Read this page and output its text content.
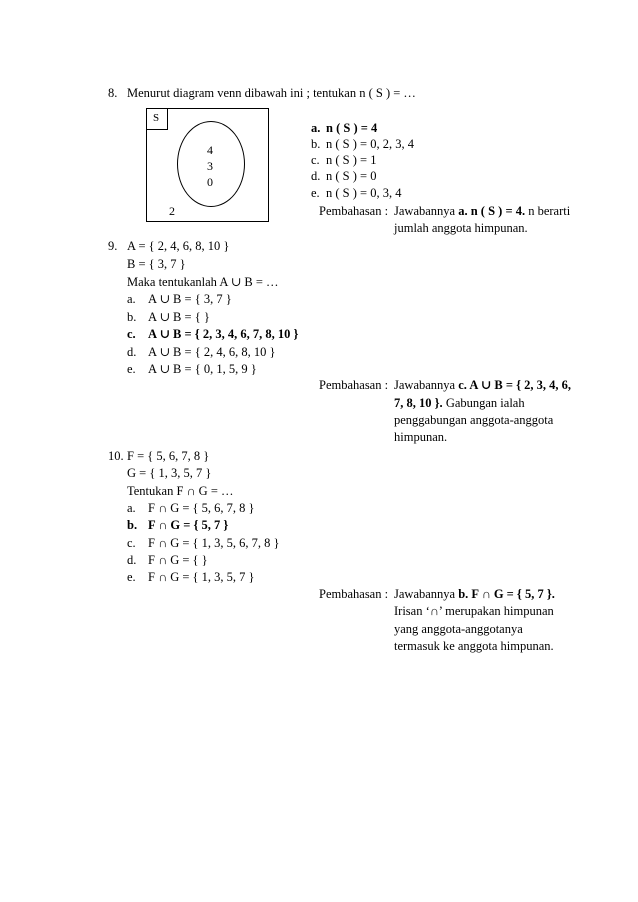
8. Menurut diagram venn dibawah ini ; tentukan n ( S ) = …
S
4
3
0
2
a. n ( S ) = 4
b. n ( S ) = 0, 2, 3, 4
c. n ( S ) = 1
d. n ( S ) = 0
e. n ( S ) = 0, 3, 4
Pembahasan : Jawabannya a. n ( S ) = 4. n berarti
jumlah anggota himpunan.
9. A = { 2, 4, 6, 8, 10 }
B = { 3, 7 }
Maka tentukanlah A ∪ B = …
a. A ∪ B = { 3, 7 }
b. A ∪ B = { }
c. A ∪ B = { 2, 3, 4, 6, 7, 8, 10 }
d. A ∪ B = { 2, 4, 6, 8, 10 }
e. A ∪ B = { 0, 1, 5, 9 }
Pembahasan : Jawabannya c. A ∪ B = { 2, 3, 4, 6,
7, 8, 10 }. Gabungan ialah
penggabungan anggota-anggota
himpunan.
10. F = { 5, 6, 7, 8 }
G = { 1, 3, 5, 7 }
Tentukan F ∩ G = …
a. F ∩ G = { 5, 6, 7, 8 }
b. F ∩ G = { 5, 7 }
c. F ∩ G = { 1, 3, 5, 6, 7, 8 }
d. F ∩ G = { }
e. F ∩ G = { 1, 3, 5, 7 }
Pembahasan : Jawabannya b. F ∩ G = { 5, 7 }.
Irisan ‘∩’ merupakan himpunan
yang anggota-anggotanya
termasuk ke anggota himpunan.
